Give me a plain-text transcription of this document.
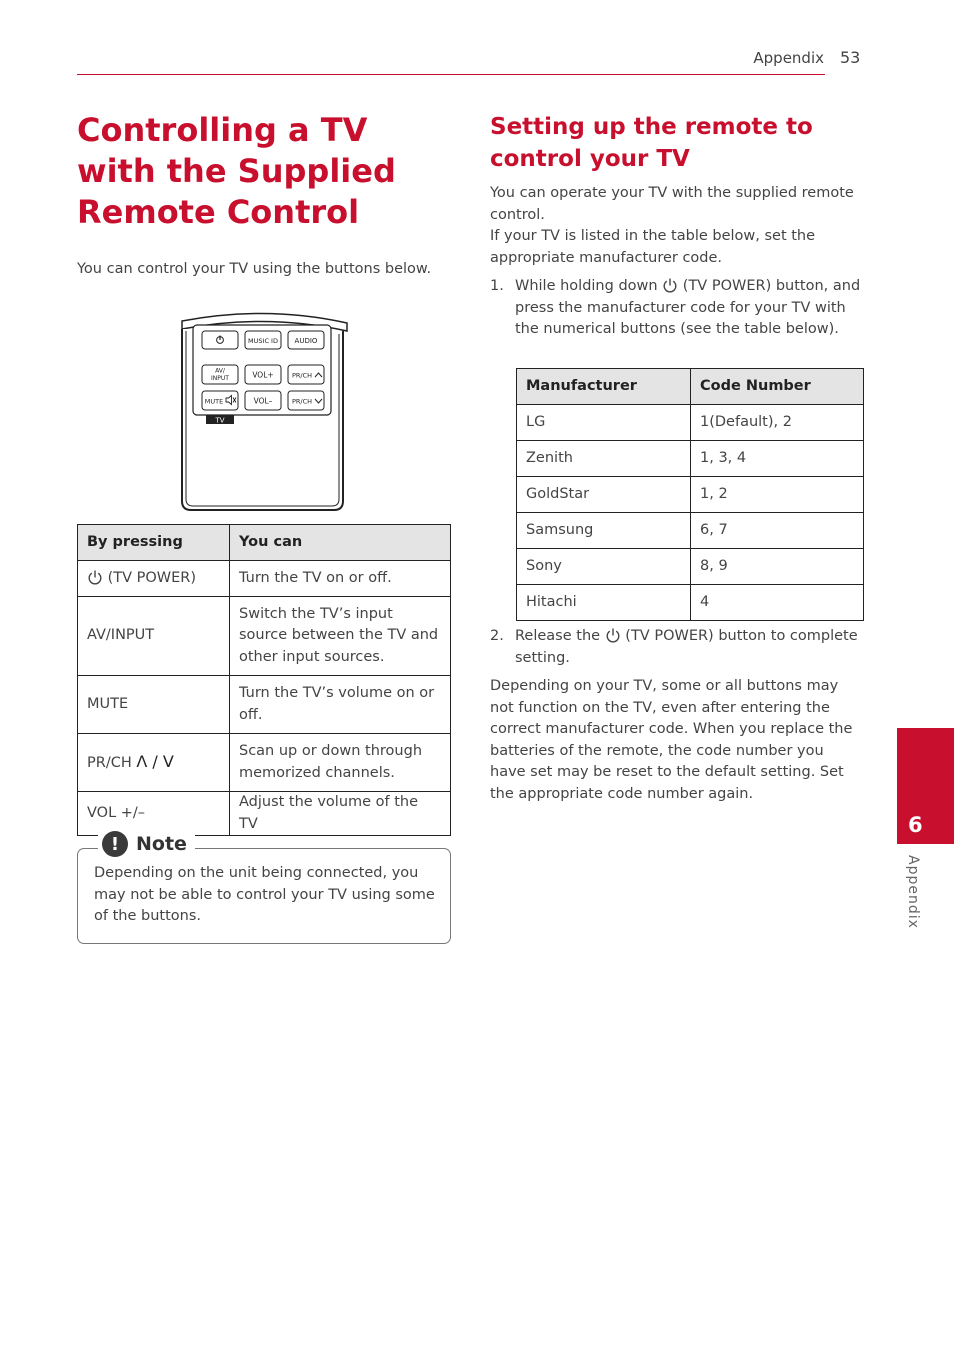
Appendix 53
Controlling a TV with the Supplied Remote Control

You can control your TV using the buttons below.

MUSIC ID AUDIO
AV/
INPUT	VOL+	PR/CH
MUTE	VOL–	PR/CH
TV
By pressing	You can
(TV POWER)	Turn the TV on or off.
AV/INPUT	Switch the TV’s input source between the TV and other input sources.
MUTE	Turn the TV’s volume on or off.
PR/CH Λ / V	Scan up or down through memorized channels.
VOL +/–	Adjust the volume of the TV
! Note

Depending on the unit being connected, you may not be able to control your TV using some of the buttons.

Setting up the remote to control your TV

You can operate your TV with the supplied remote control.

If your TV is listed in the table below, set the appropriate manufacturer code.

1. While holding down (TV POWER) button, and press the manufacturer code for your TV with the numerical buttons (see the table below).
Manufacturer	Code Number
LG	1(Default), 2
Zenith	1, 3, 4
GoldStar	1, 2
Samsung	6, 7
Sony	8, 9
Hitachi	4
2. Release the (TV POWER) button to complete setting.

Depending on your TV, some or all buttons may not function on the TV, even after entering the correct manufacturer code. When you replace the batteries of the remote, the code number you have set may be reset to the default setting. Set the appropriate code number again.

6
Appendix
